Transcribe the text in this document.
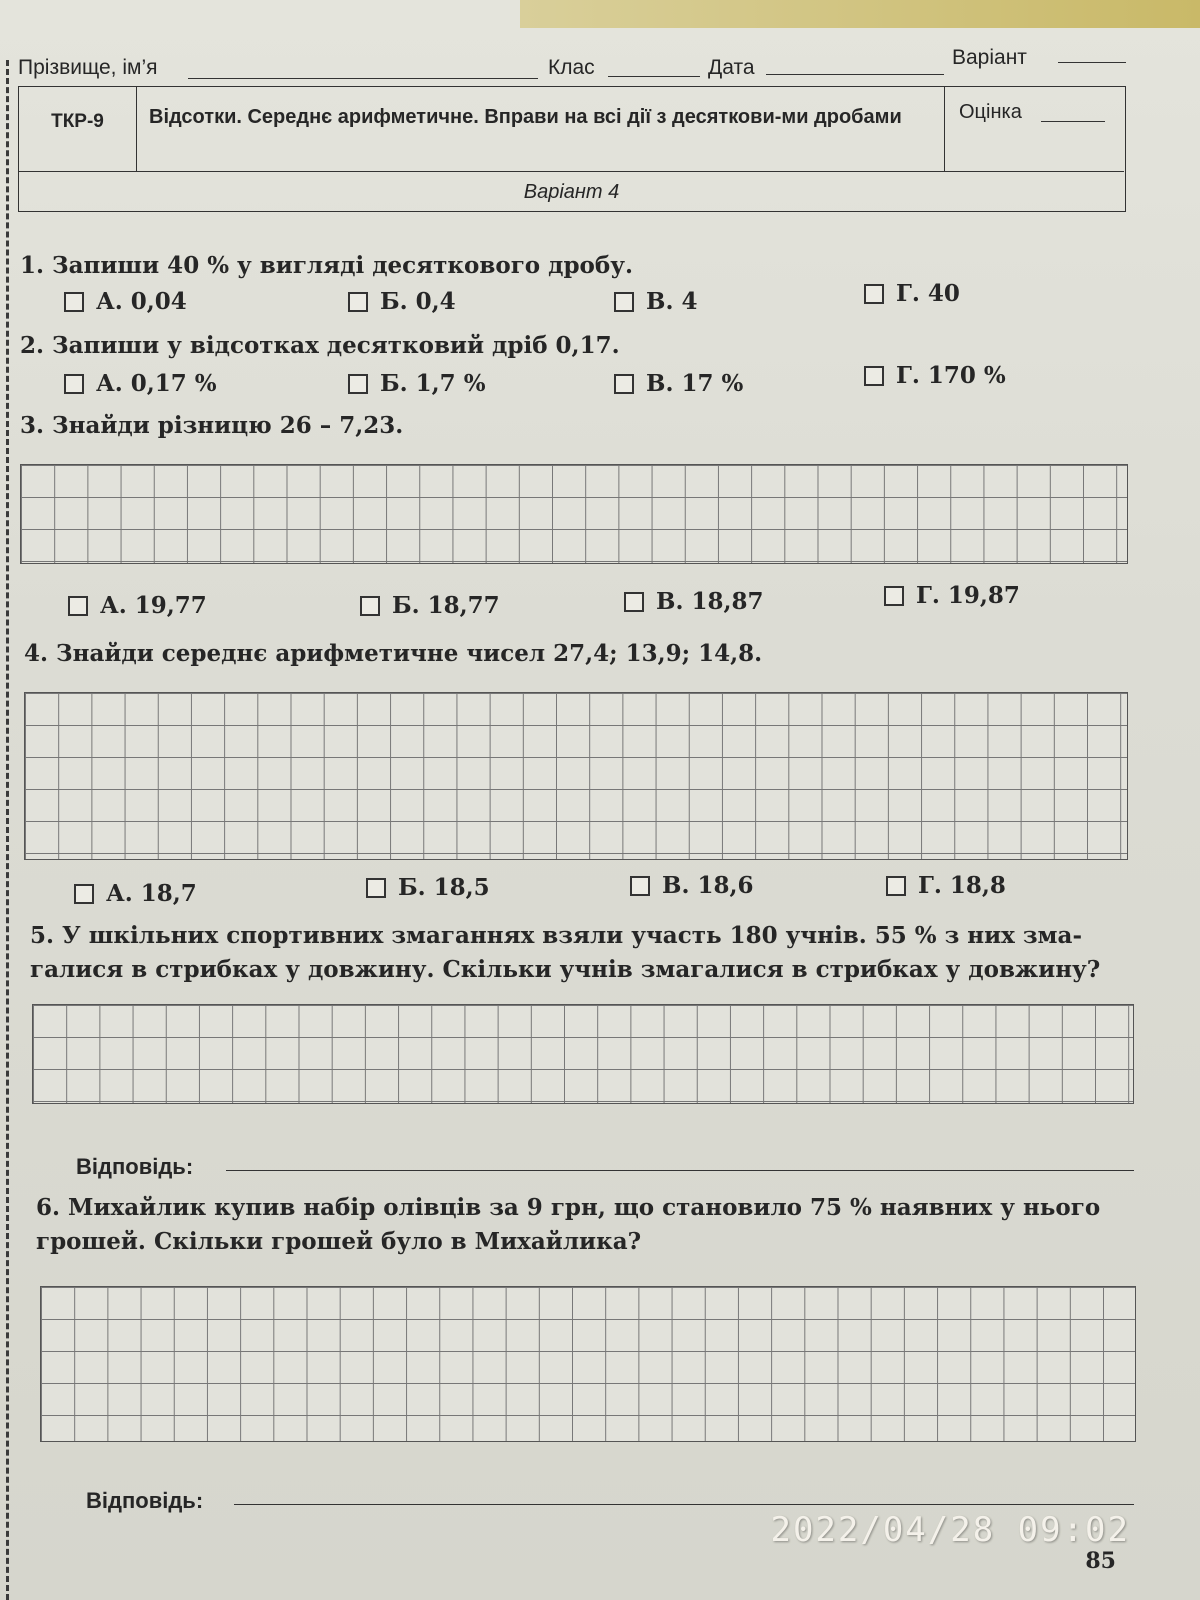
Прізвище, ім’я	Клас	Дата	Варіант
ТКР-9	Відсотки. Середнє арифметичне. Вправи на всі дії з десяткови-ми дробами	Оцінка
Варіант 4
1. Запиши 40 % у вигляді десяткового дробу.
А. 0,04	Б. 0,4	В. 4	Г. 40
2. Запиши у відсотках десятковий дріб 0,17.
А. 0,17 %	Б. 1,7 %	В. 17 %	Г. 170 %
3. Знайди різницю 26 – 7,23.
А. 19,77	Б. 18,77	В. 18,87	Г. 19,87
4. Знайди середнє арифметичне чисел 27,4; 13,9; 14,8.
А. 18,7	Б. 18,5	В. 18,6	Г. 18,8
5. У шкільних спортивних змаганнях взяли участь 180 учнів. 55 % з них зма-
галися в стрибках у довжину. Скільки учнів змагалися в стрибках у довжину?
Відповідь:
6. Михайлик купив набір олівців за 9 грн, що становило 75 % наявних у нього
грошей. Скільки грошей було в Михайлика?
Відповідь:
2022/04/28 09:02
85
